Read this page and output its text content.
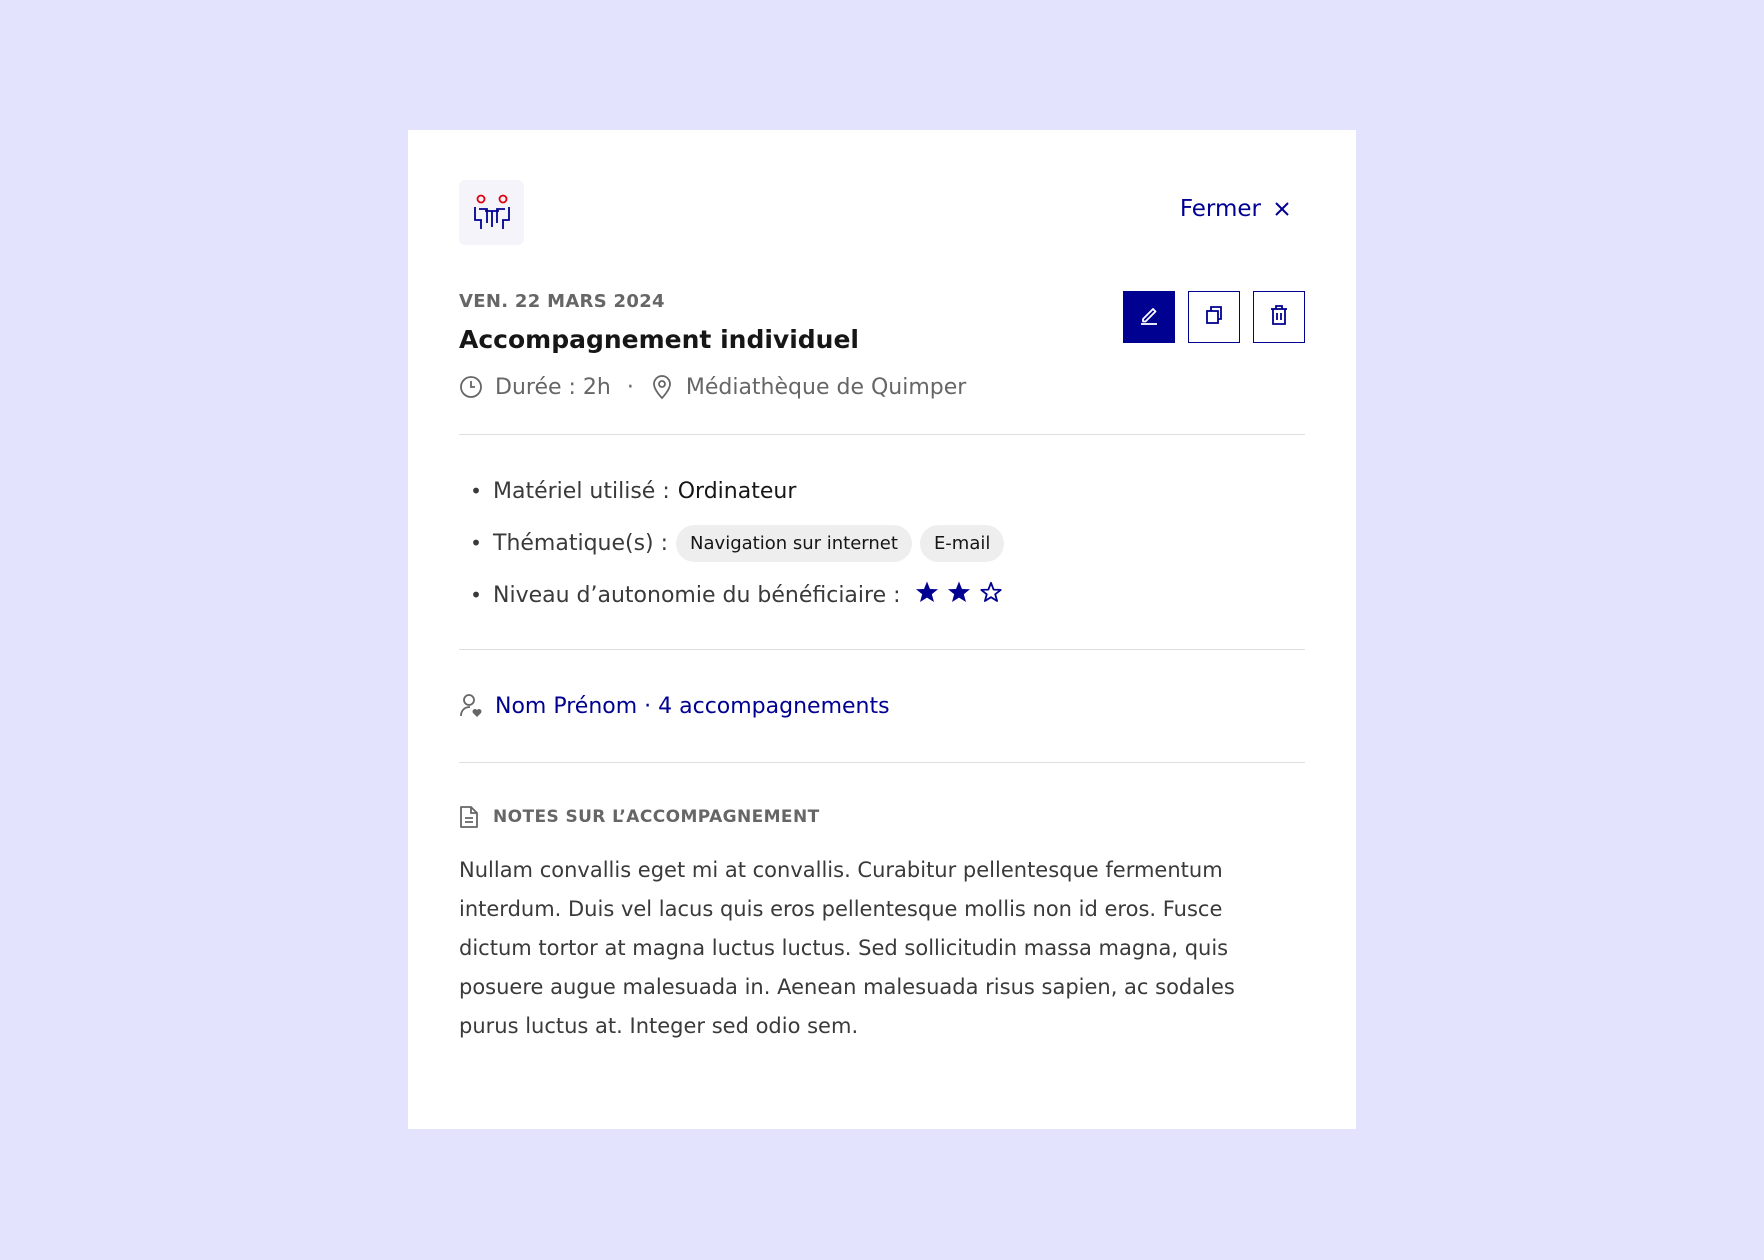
Fermer
VEN. 22 MARS 2024
Accompagnement individuel
Durée : 2h · Médiathèque de Quimper
• Matériel utilisé : Ordinateur
• Thématique(s) :	Navigation sur internet	E-mail
• Niveau d’autonomie du bénéficiaire :
Nom Prénom · 4 accompagnements
NOTES SUR L’ACCOMPAGNEMENT
Nullam convallis eget mi at convallis. Curabitur pellentesque fermentum interdum. Duis vel lacus quis eros pellentesque mollis non id eros. Fusce dictum tortor at magna luctus luctus. Sed sollicitudin massa magna, quis posuere augue malesuada in. Aenean malesuada risus sapien, ac sodales purus luctus at. Integer sed odio sem.
